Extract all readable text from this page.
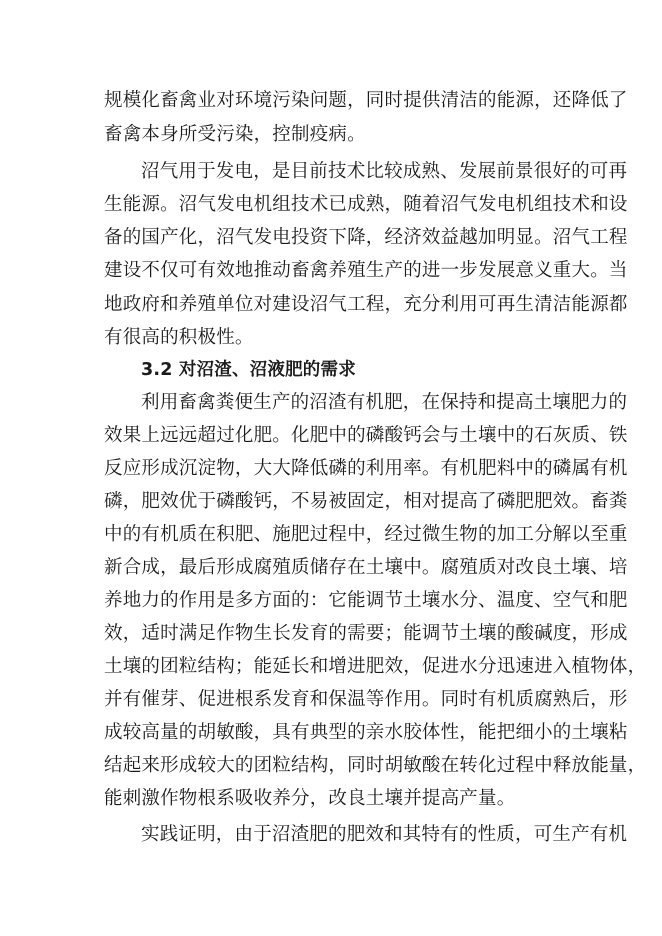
规模化畜禽业对环境污染问题，同时提供清洁的能源，还降低了
畜禽本身所受污染，控制疫病。
沼气用于发电，是目前技术比较成熟、发展前景很好的可再
生能源。沼气发电机组技术已成熟，随着沼气发电机组技术和设
备的国产化，沼气发电投资下降，经济效益越加明显。沼气工程
建设不仅可有效地推动畜禽养殖生产的进一步发展意义重大。当
地政府和养殖单位对建设沼气工程，充分利用可再生清洁能源都
有很高的积极性。
3.2 对沼渣、沼液肥的需求
利用畜禽粪便生产的沼渣有机肥，在保持和提高土壤肥力的
效果上远远超过化肥。化肥中的磷酸钙会与土壤中的石灰质、铁
反应形成沉淀物，大大降低磷的利用率。有机肥料中的磷属有机
磷，肥效优于磷酸钙，不易被固定，相对提高了磷肥肥效。畜粪
中的有机质在积肥、施肥过程中，经过微生物的加工分解以至重
新合成，最后形成腐殖质储存在土壤中。腐殖质对改良土壤、培
养地力的作用是多方面的：它能调节土壤水分、温度、空气和肥
效，适时满足作物生长发育的需要；能调节土壤的酸碱度，形成
土壤的团粒结构；能延长和增进肥效，促进水分迅速进入植物体，
并有催芽、促进根系发育和保温等作用。同时有机质腐熟后，形
成较高量的胡敏酸，具有典型的亲水胶体性，能把细小的土壤粘
结起来形成较大的团粒结构，同时胡敏酸在转化过程中释放能量，
能刺激作物根系吸收养分，改良土壤并提高产量。
实践证明，由于沼渣肥的肥效和其特有的性质，可生产有机
